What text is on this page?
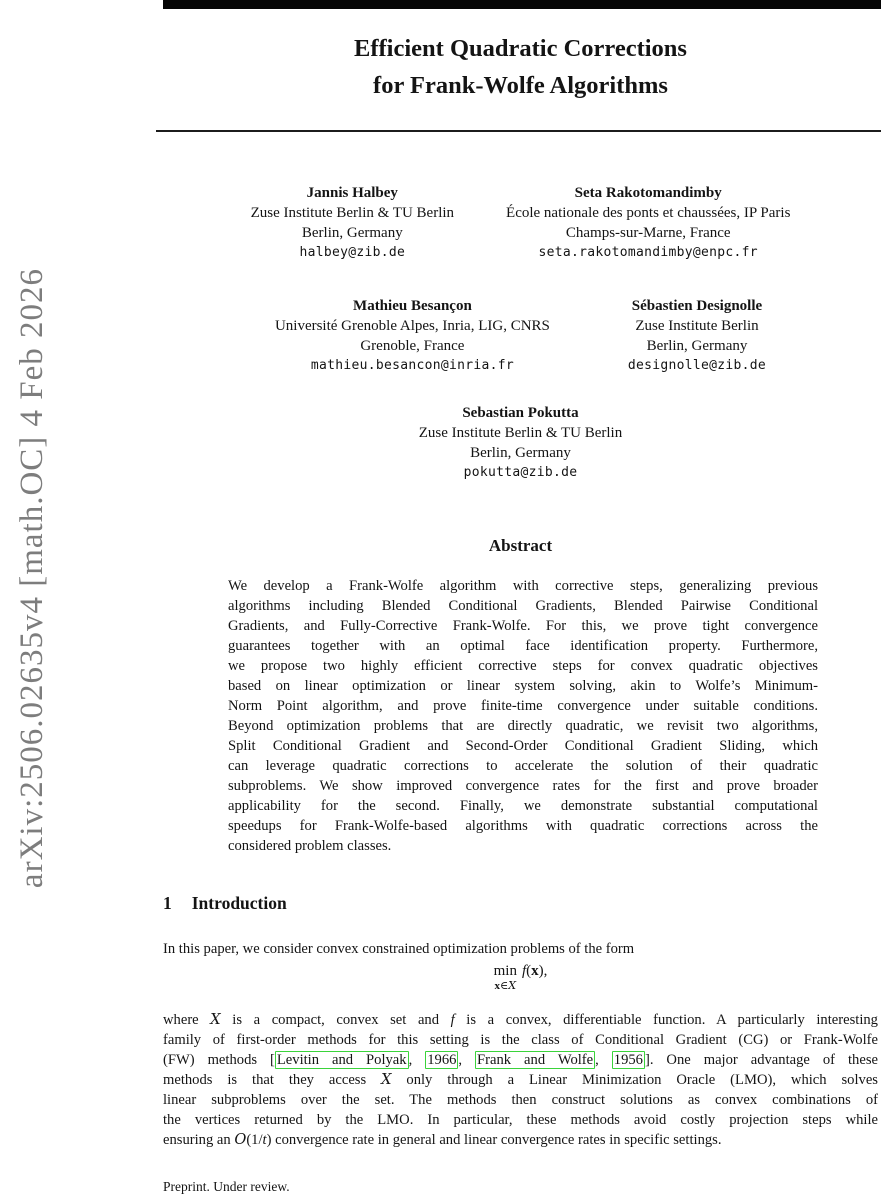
arXiv:2506.02635v4 [math.OC] 4 Feb 2026
Efficient Quadratic Corrections
for Frank-Wolfe Algorithms
Jannis Halbey
Zuse Institute Berlin & TU Berlin
Berlin, Germany
halbey@zib.de
Seta Rakotomandimby
École nationale des ponts et chaussées, IP Paris
Champs-sur-Marne, France
seta.rakotomandimby@enpc.fr
Mathieu Besançon
Université Grenoble Alpes, Inria, LIG, CNRS
Grenoble, France
mathieu.besancon@inria.fr
Sébastien Designolle
Zuse Institute Berlin
Berlin, Germany
designolle@zib.de
Sebastian Pokutta
Zuse Institute Berlin & TU Berlin
Berlin, Germany
pokutta@zib.de
Abstract
We develop a Frank-Wolfe algorithm with corrective steps, generalizing previous
algorithms including Blended Conditional Gradients, Blended Pairwise Conditional
Gradients, and Fully-Corrective Frank-Wolfe. For this, we prove tight convergence
guarantees together with an optimal face identification property. Furthermore,
we propose two highly efficient corrective steps for convex quadratic objectives
based on linear optimization or linear system solving, akin to Wolfe’s Minimum-
Norm Point algorithm, and prove finite-time convergence under suitable conditions.
Beyond optimization problems that are directly quadratic, we revisit two algorithms,
Split Conditional Gradient and Second-Order Conditional Gradient Sliding, which
can leverage quadratic corrections to accelerate the solution of their quadratic
subproblems. We show improved convergence rates for the first and prove broader
applicability for the second. Finally, we demonstrate substantial computational
speedups for Frank-Wolfe-based algorithms with quadratic corrections across the
considered problem classes.
1 Introduction
In this paper, we consider convex constrained optimization problems of the form
min
x∈X
f(x),
where X is a compact, convex set and f is a convex, differentiable function. A particularly interesting
family of first-order methods for this setting is the class of Conditional Gradient (CG) or Frank-Wolfe
(FW) methods [ Levitin and Polyak , 1966 , Frank and Wolfe , 1956 ]. One major advantage of these
methods is that they access X only through a Linear Minimization Oracle (LMO), which solves
linear subproblems over the set. The methods then construct solutions as convex combinations of
the vertices returned by the LMO. In particular, these methods avoid costly projection steps while
ensuring an O(1/t) convergence rate in general and linear convergence rates in specific settings.
Preprint. Under review.
